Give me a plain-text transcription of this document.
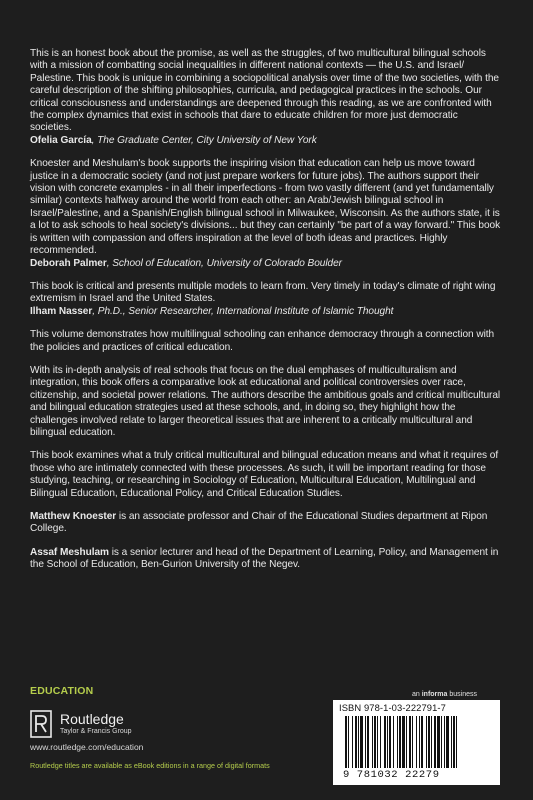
This is an honest book about the promise, as well as the struggles, of two multicultural bilingual schools with a mission of combatting social inequalities in different national contexts — the U.S. and Israel/ Palestine. This book is unique in combining a sociopolitical analysis over time of the two societies, with the careful description of the shifting philosophies, curricula, and pedagogical practices in the schools. Our critical consciousness and understandings are deepened through this reading, as we are confronted with the complex dynamics that exist in schools that dare to educate children for more just democratic societies.

Ofelia García, The Graduate Center, City University of New York

Knoester and Meshulam's book supports the inspiring vision that education can help us move toward justice in a democratic society (and not just prepare workers for future jobs). The authors support their vision with concrete examples - in all their imperfections - from two vastly different (and yet fundamentally similar) contexts halfway around the world from each other: an Arab/Jewish bilingual school in Israel/Palestine, and a Spanish/English bilingual school in Milwaukee, Wisconsin. As the authors state, it is a lot to ask schools to heal society's divisions... but they can certainly "be part of a way forward." This book is written with compassion and offers inspiration at the level of both ideas and practices. Highly recommended.

Deborah Palmer, School of Education, University of Colorado Boulder

This book is critical and presents multiple models to learn from. Very timely in today's climate of right wing extremism in Israel and the United States.

Ilham Nasser, Ph.D., Senior Researcher, International Institute of Islamic Thought

This volume demonstrates how multilingual schooling can enhance democracy through a connection with the policies and practices of critical education.

With its in-depth analysis of real schools that focus on the dual emphases of multiculturalism and integration, this book offers a comparative look at educational and political controversies over race, citizenship, and societal power relations. The authors describe the ambitious goals and critical multicultural and bilingual education strategies used at these schools, and, in doing so, they highlight how the challenges involved relate to larger theoretical issues that are inherent to a critically multicultural and bilingual education.

This book examines what a truly critical multicultural and bilingual education means and what it requires of those who are intimately connected with these processes. As such, it will be important reading for those studying, teaching, or researching in Sociology of Education, Multicultural Education, Multilingual and Bilingual Education, Educational Policy, and Critical Education Studies.

Matthew Knoester is an associate professor and Chair of the Educational Studies department at Ripon College.

Assaf Meshulam is a senior lecturer and head of the Department of Learning, Policy, and Management in the School of Education, Ben-Gurion University of the Negev.

EDUCATION
Routledge
Taylor & Francis Group
www.routledge.com/education
Routledge titles are available as eBook editions in a range of digital formats
an informa business
ISBN 978-1-03-222791-7
9 781032 22279
